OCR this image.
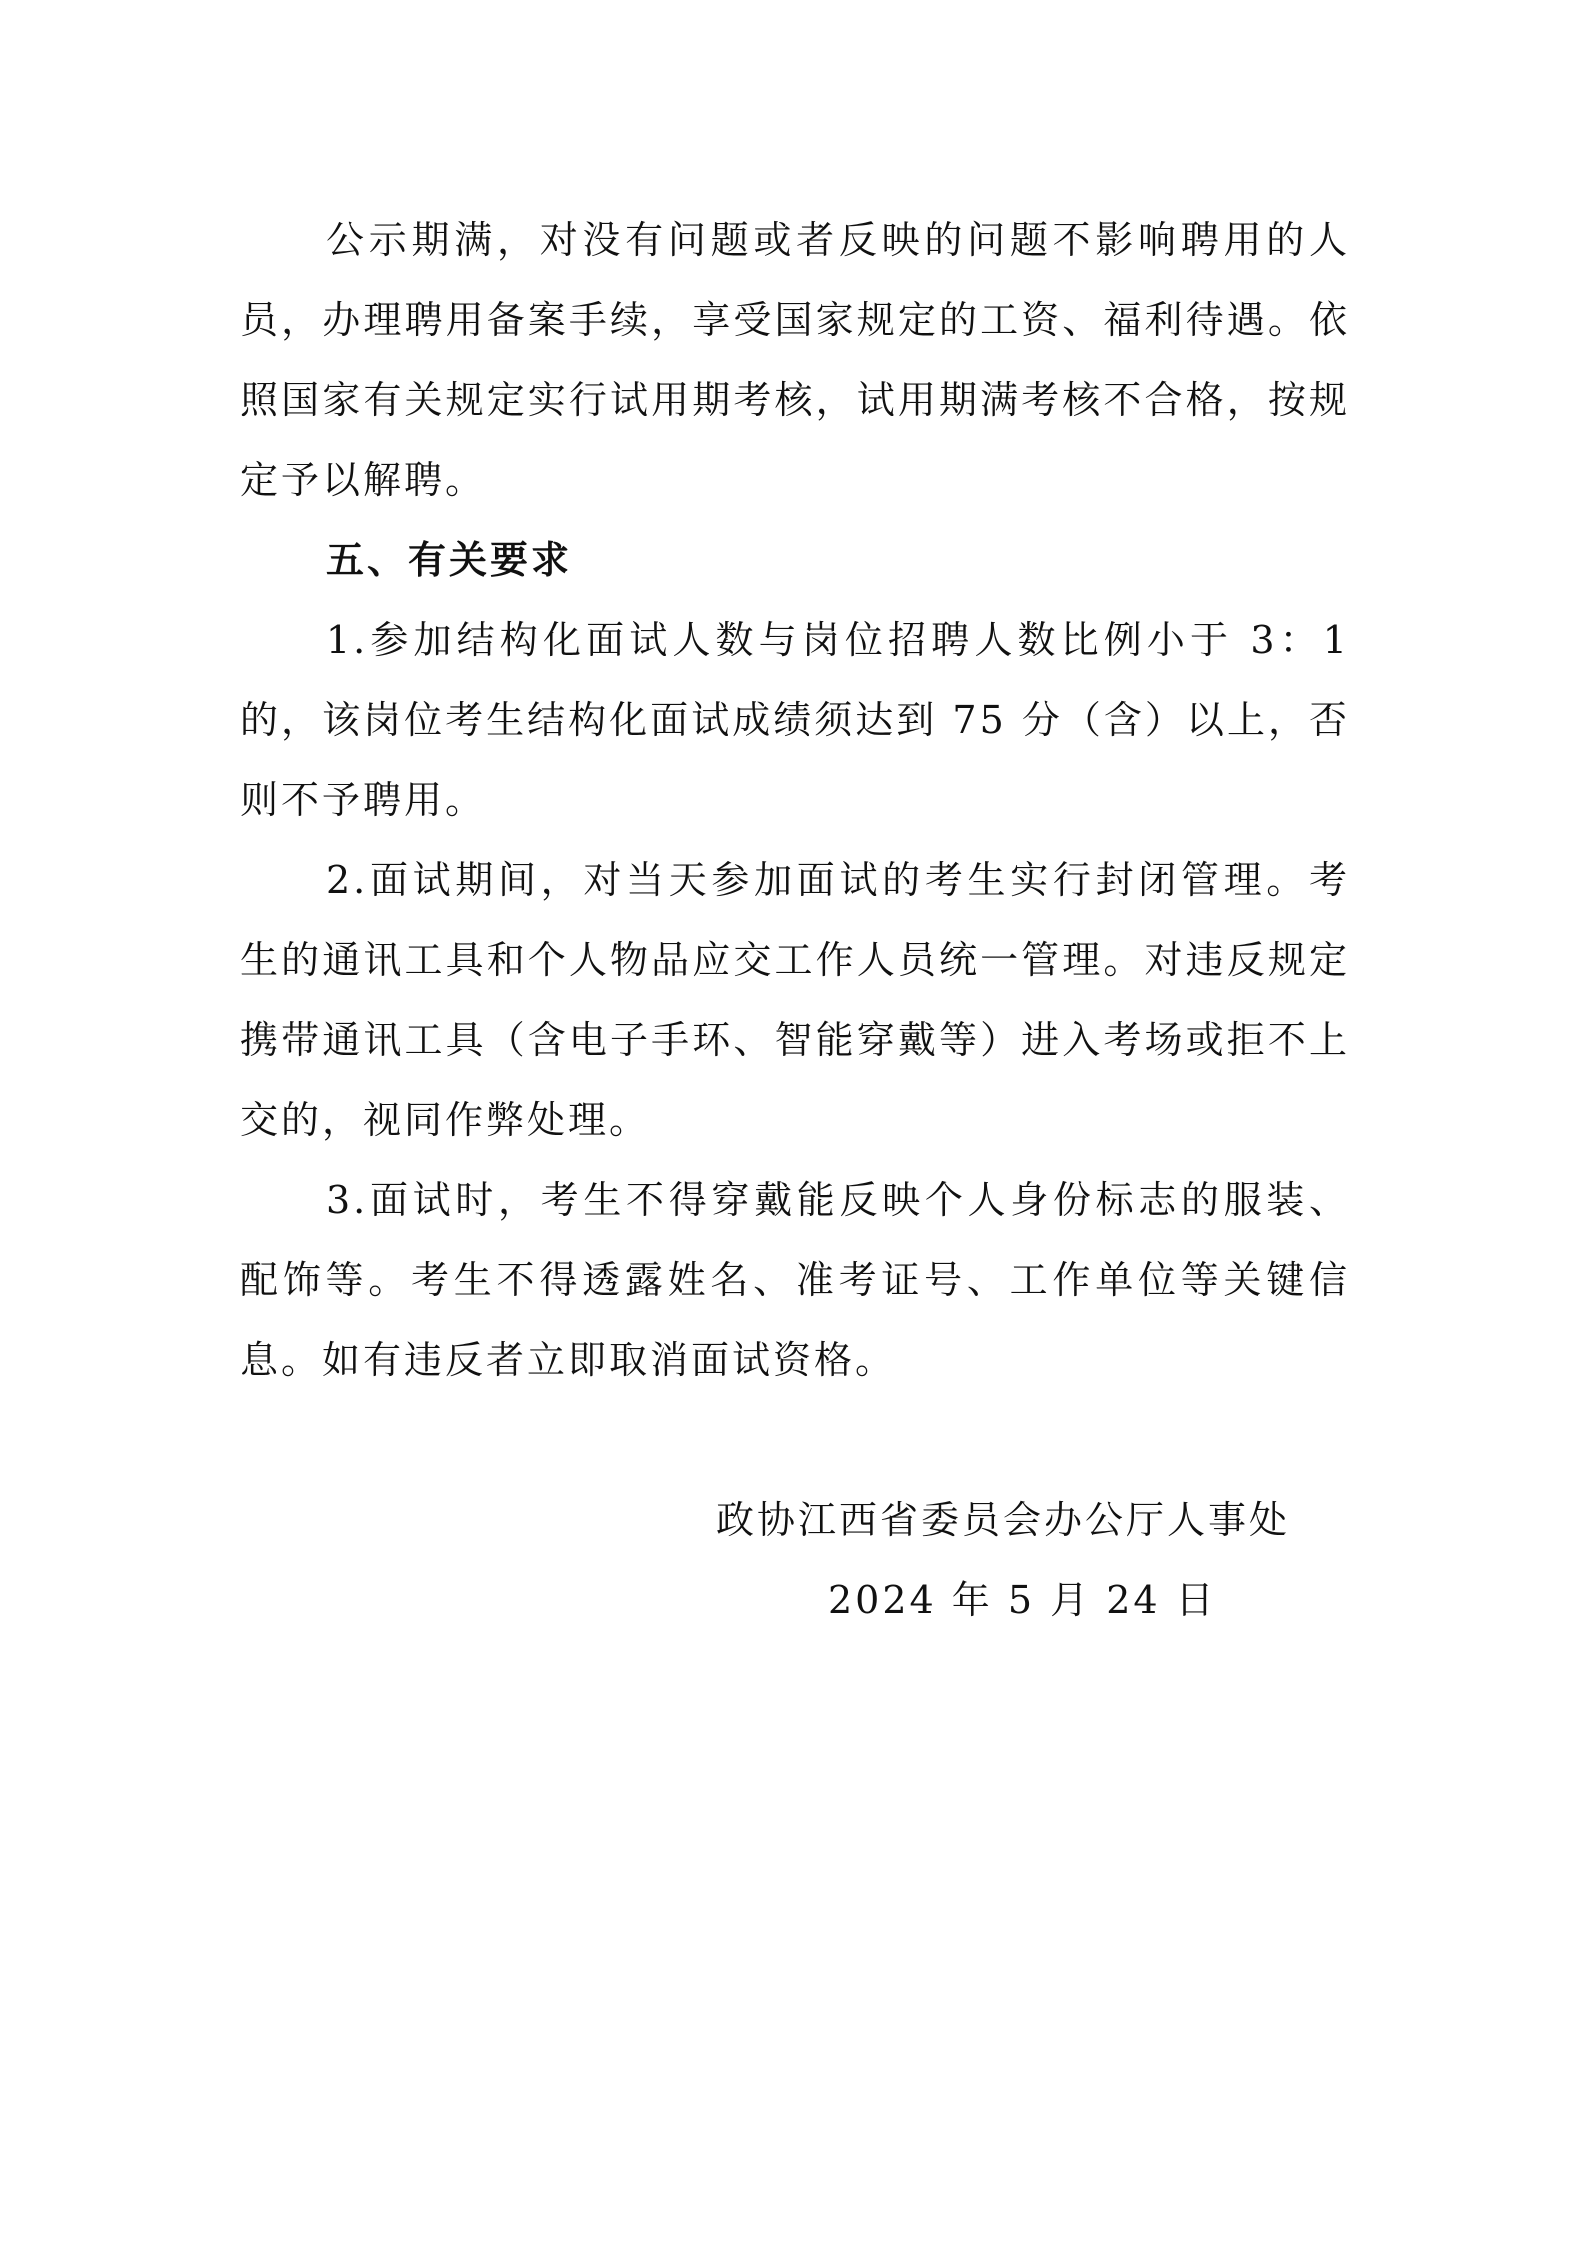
公示期满，对没有问题或者反映的问题不影响聘用的人员，办理聘用备案手续，享受国家规定的工资、福利待遇。依照国家有关规定实行试用期考核，试用期满考核不合格，按规定予以解聘。

五、有关要求

1.参加结构化面试人数与岗位招聘人数比例小于 3：1 的，该岗位考生结构化面试成绩须达到 75 分（含）以上，否则不予聘用。

2.面试期间，对当天参加面试的考生实行封闭管理。考生的通讯工具和个人物品应交工作人员统一管理。对违反规定携带通讯工具（含电子手环、智能穿戴等）进入考场或拒不上交的，视同作弊处理。

3.面试时，考生不得穿戴能反映个人身份标志的服装、配饰等。考生不得透露姓名、准考证号、工作单位等关键信息。如有违反者立即取消面试资格。

政协江西省委员会办公厅人事处
2024 年 5 月 24 日
